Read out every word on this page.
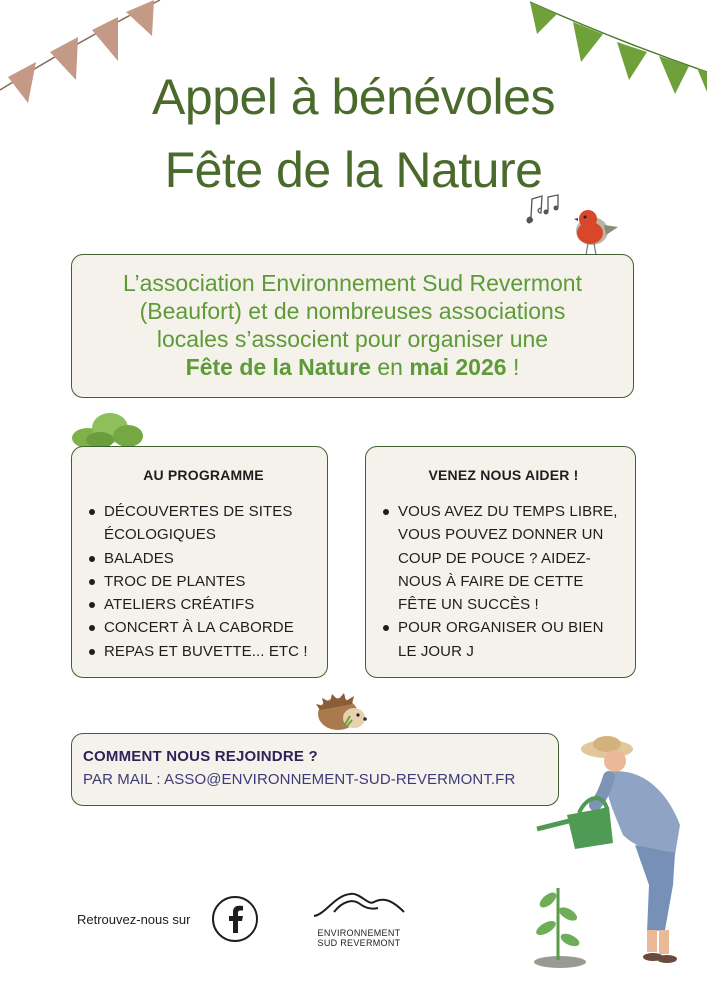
Appel à bénévoles
Fête de la Nature
L’association Environnement Sud Revermont
(Beaufort) et de nombreuses associations
locales s’associent pour organiser une
Fête de la Nature en mai 2026 !
AU PROGRAMME
DÉCOUVERTES DE SITES ÉCOLOGIQUES
BALADES
TROC DE PLANTES
ATELIERS CRÉATIFS
CONCERT À LA CABORDE
REPAS ET BUVETTE... ETC !
VENEZ NOUS AIDER !
VOUS AVEZ DU TEMPS LIBRE, VOUS POUVEZ DONNER UN COUP DE POUCE ? AIDEZ-NOUS À FAIRE DE CETTE FÊTE UN SUCCÈS !
POUR ORGANISER OU BIEN LE JOUR J
COMMENT NOUS REJOINDRE ?
PAR MAIL : ASSO@ENVIRONNEMENT-SUD-REVERMONT.FR
Retrouvez-nous sur
ENVIRONNEMENT
SUD REVERMONT
